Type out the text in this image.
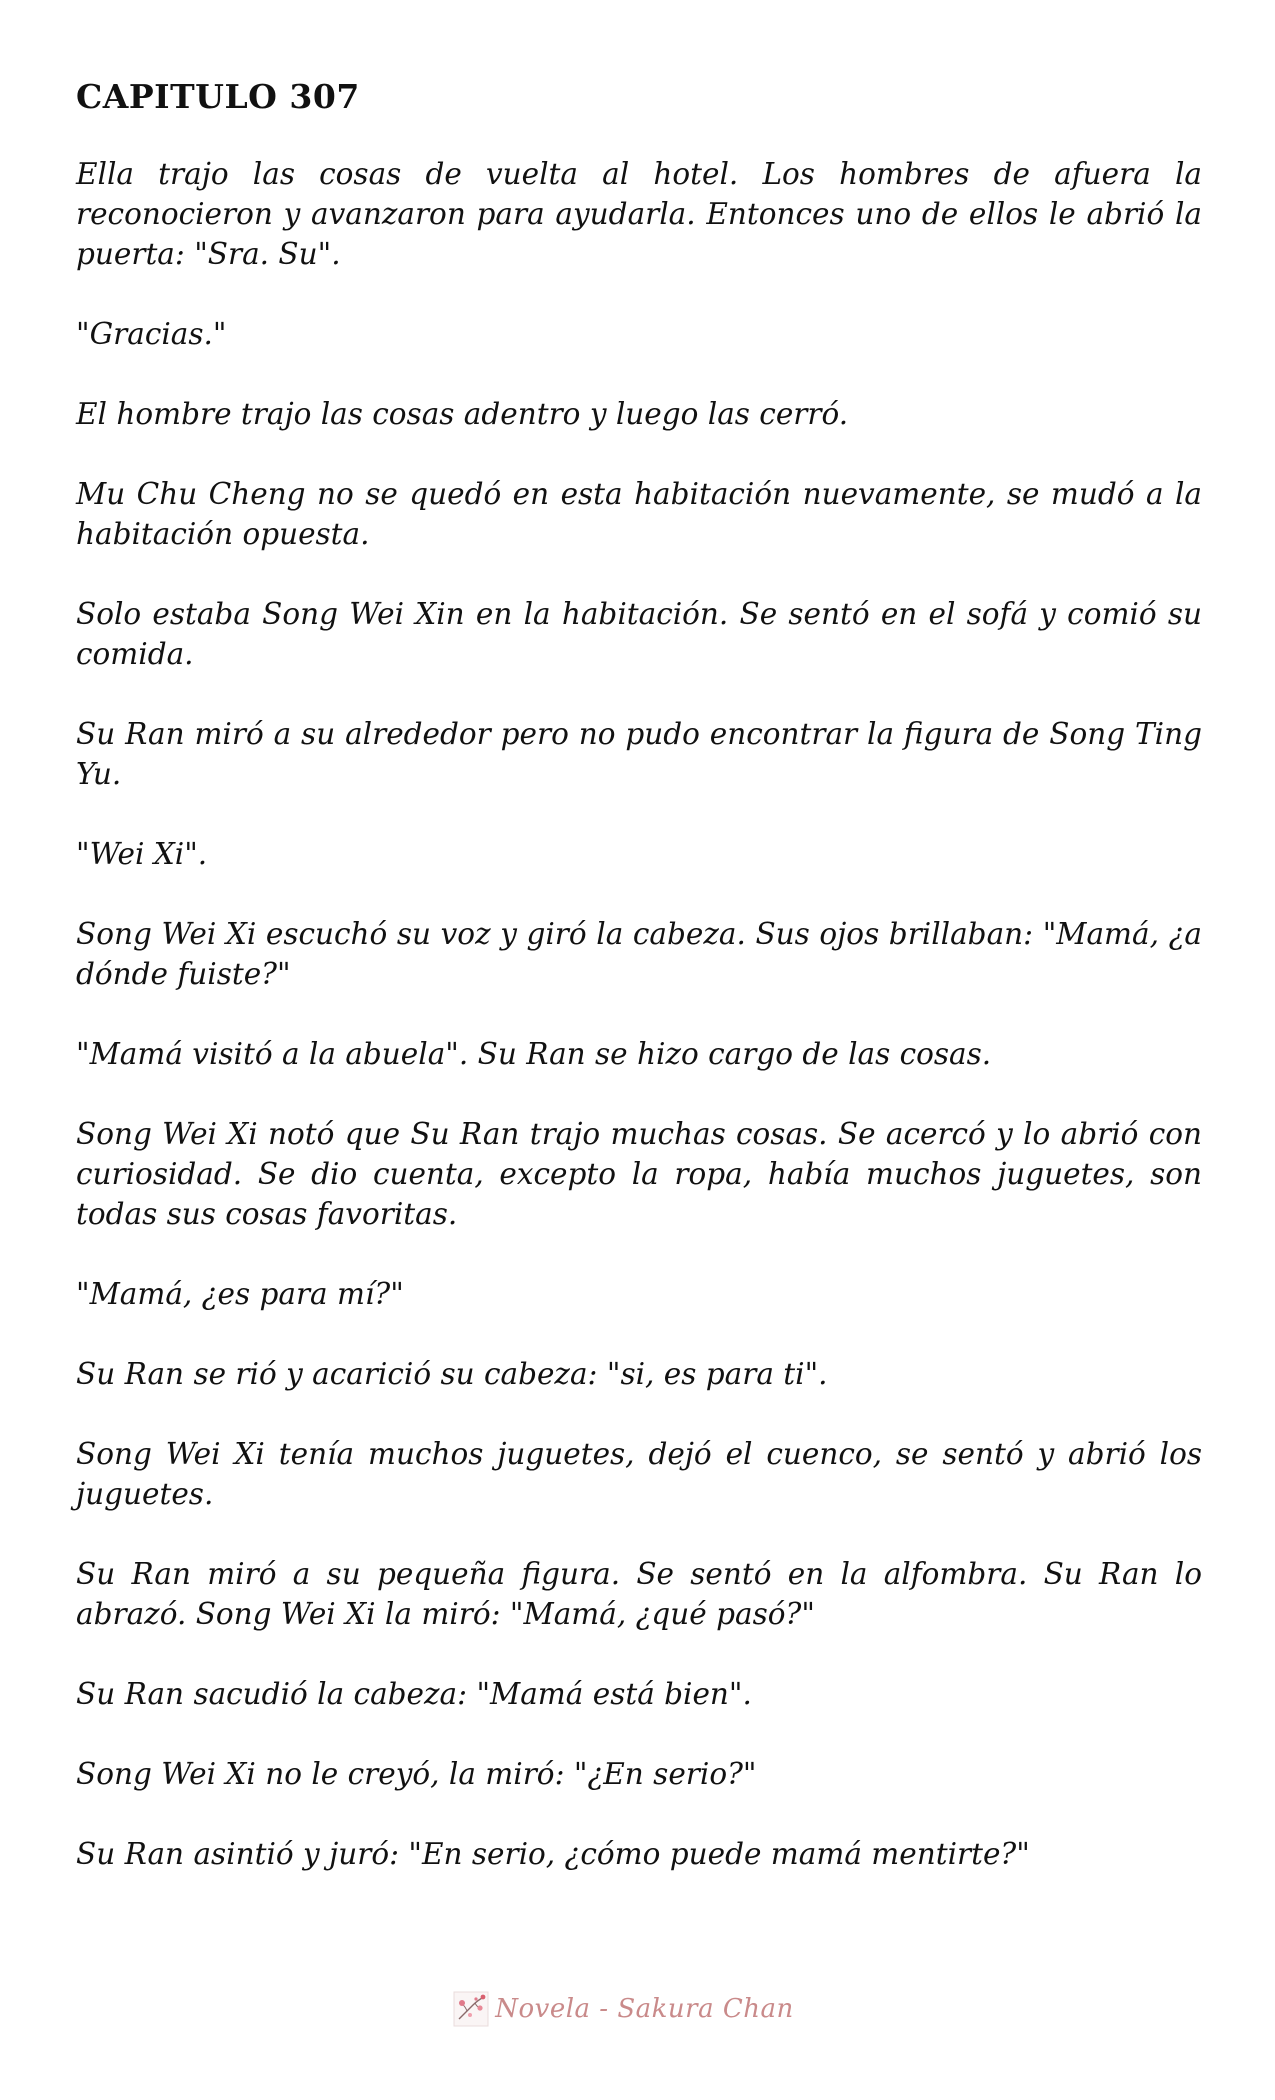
CAPITULO 307

Ella trajo las cosas de vuelta al hotel. Los hombres de afuera la reconocieron y avanzaron para ayudarla. Entonces uno de ellos le abrió la puerta: "Sra. Su".

"Gracias."

El hombre trajo las cosas adentro y luego las cerró.

Mu Chu Cheng no se quedó en esta habitación nuevamente, se mudó a la habitación opuesta.

Solo estaba Song Wei Xin en la habitación. Se sentó en el sofá y comió su comida.

Su Ran miró a su alrededor pero no pudo encontrar la figura de Song Ting Yu.

"Wei Xi".

Song Wei Xi escuchó su voz y giró la cabeza. Sus ojos brillaban: "Mamá, ¿a dónde fuiste?"

"Mamá visitó a la abuela". Su Ran se hizo cargo de las cosas.

Song Wei Xi notó que Su Ran trajo muchas cosas. Se acercó y lo abrió con curiosidad. Se dio cuenta, excepto la ropa, había muchos juguetes, son todas sus cosas favoritas.

"Mamá, ¿es para mí?"

Su Ran se rió y acarició su cabeza: "si, es para ti".

Song Wei Xi tenía muchos juguetes, dejó el cuenco, se sentó y abrió los juguetes.

Su Ran miró a su pequeña figura. Se sentó en la alfombra. Su Ran lo abrazó. Song Wei Xi la miró: "Mamá, ¿qué pasó?"

Su Ran sacudió la cabeza: "Mamá está bien".

Song Wei Xi no le creyó, la miró: "¿En serio?"

Su Ran asintió y juró: "En serio, ¿cómo puede mamá mentirte?"

Novela - Sakura Chan
